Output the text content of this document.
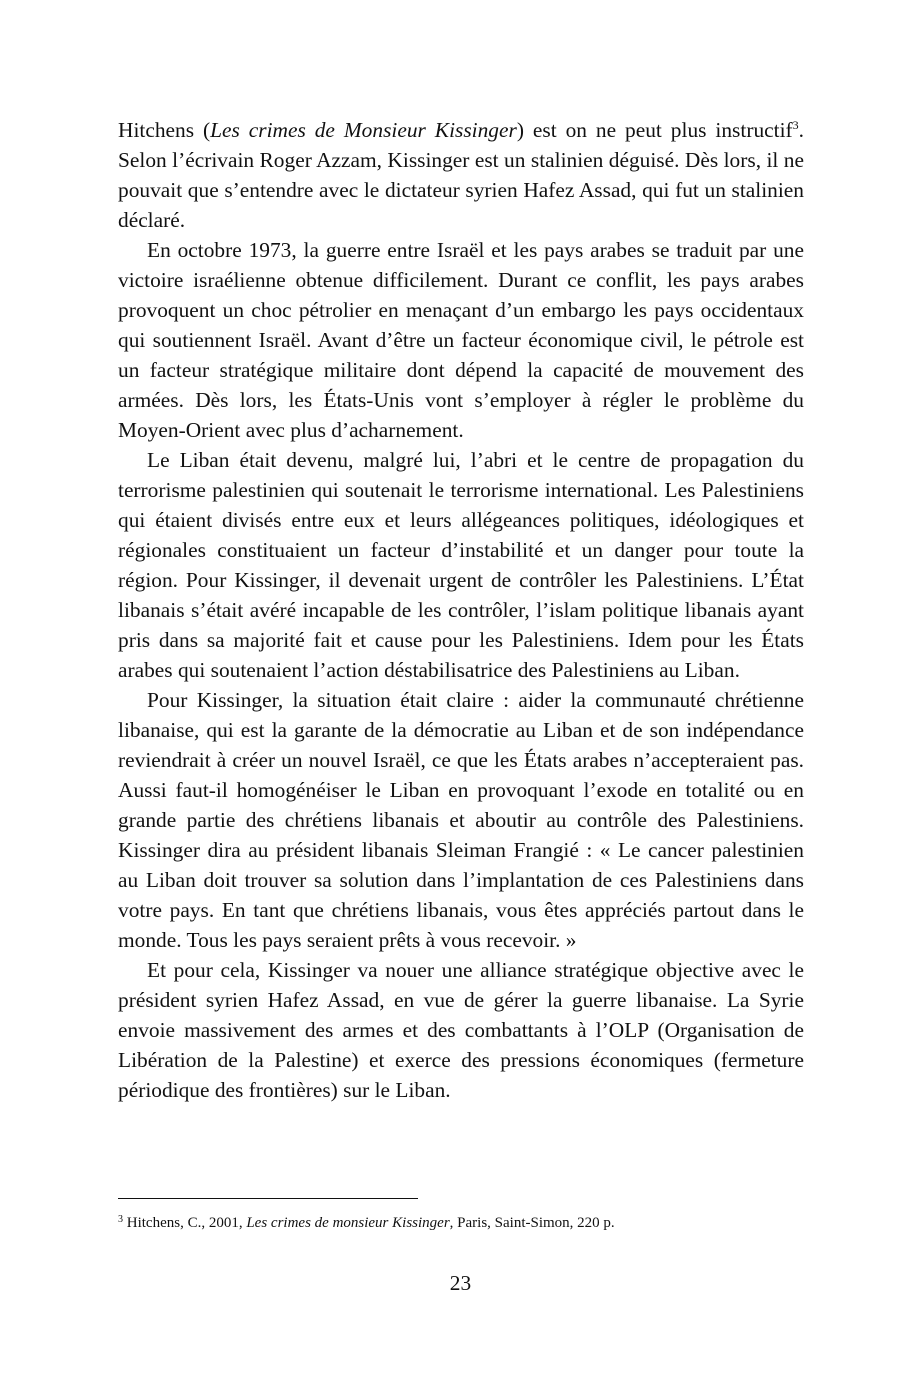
Hitchens (Les crimes de Monsieur Kissinger) est on ne peut plus instructif$^3$. Selon l’écrivain Roger Azzam, Kissinger est un stalinien déguisé. Dès lors, il ne pouvait que s’entendre avec le dictateur syrien Hafez Assad, qui fut un stalinien déclaré.

En octobre 1973, la guerre entre Israël et les pays arabes se traduit par une victoire israélienne obtenue difficilement. Durant ce conflit, les pays arabes provoquent un choc pétrolier en menaçant d’un embargo les pays occidentaux qui soutiennent Israël. Avant d’être un facteur économique civil, le pétrole est un facteur stratégique militaire dont dépend la capacité de mouvement des armées. Dès lors, les États-Unis vont s’employer à régler le problème du Moyen-Orient avec plus d’acharnement.

Le Liban était devenu, malgré lui, l’abri et le centre de propagation du terrorisme palestinien qui soutenait le terrorisme international. Les Palestiniens qui étaient divisés entre eux et leurs allégeances politiques, idéologiques et régionales constituaient un facteur d’instabilité et un danger pour toute la région. Pour Kissinger, il devenait urgent de contrôler les Palestiniens. L’État libanais s’était avéré incapable de les contrôler, l’islam politique libanais ayant pris dans sa majorité fait et cause pour les Palestiniens. Idem pour les États arabes qui soutenaient l’action déstabilisatrice des Palestiniens au Liban.

Pour Kissinger, la situation était claire : aider la communauté chrétienne libanaise, qui est la garante de la démocratie au Liban et de son indépendance reviendrait à créer un nouvel Israël, ce que les États arabes n’accepteraient pas. Aussi faut-il homogénéiser le Liban en provoquant l’exode en totalité ou en grande partie des chrétiens libanais et aboutir au contrôle des Palestiniens. Kissinger dira au président libanais Sleiman Frangié : « Le cancer palestinien au Liban doit trouver sa solution dans l’implantation de ces Palestiniens dans votre pays. En tant que chrétiens libanais, vous êtes appréciés partout dans le monde. Tous les pays seraient prêts à vous recevoir. »

Et pour cela, Kissinger va nouer une alliance stratégique objective avec le président syrien Hafez Assad, en vue de gérer la guerre libanaise. La Syrie envoie massivement des armes et des combattants à l’OLP (Organisation de Libération de la Palestine) et exerce des pressions économiques (fermeture périodique des frontières) sur le Liban.

$^3$ Hitchens, C., 2001, Les crimes de monsieur Kissinger, Paris, Saint-Simon, 220 p.
23
